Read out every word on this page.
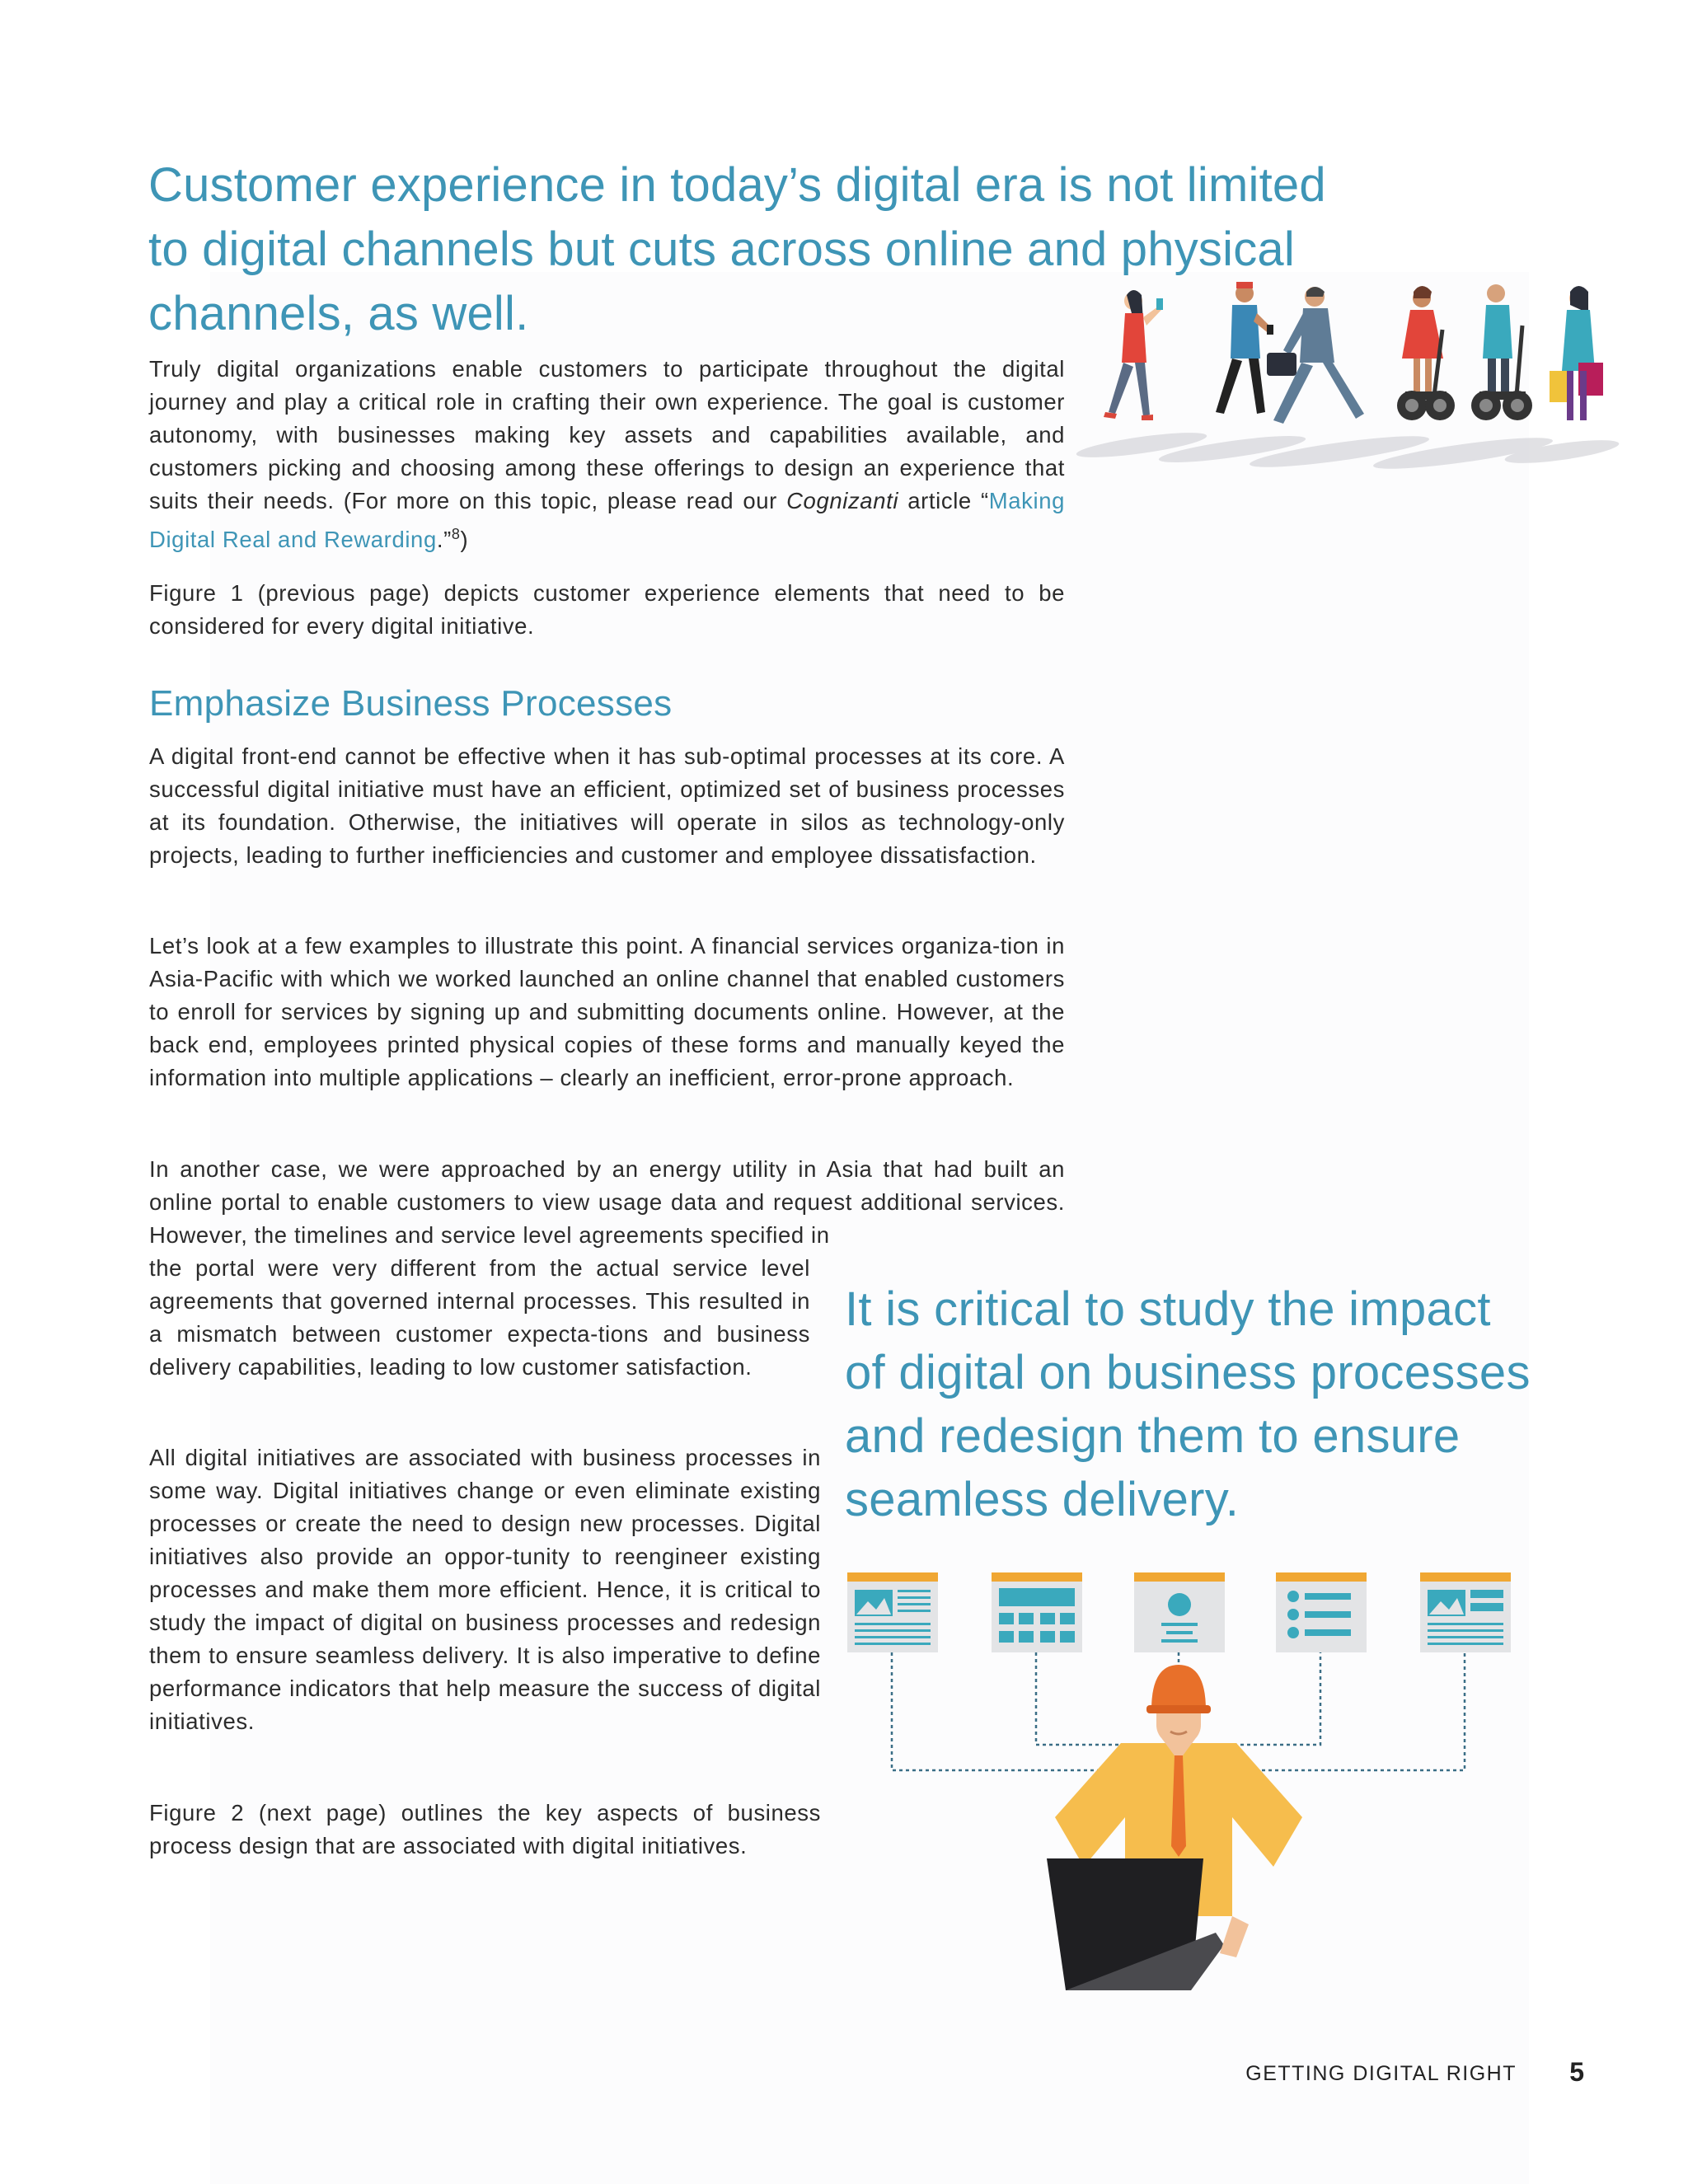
Customer experience in today’s digital era is not limited to digital channels but cuts across online and physical channels, as well.

Truly digital organizations enable customers to participate throughout the digital journey and play a critical role in crafting their own experience. The goal is customer autonomy, with businesses making key assets and capabilities available, and customers picking and choosing among these offerings to design an experience that suits their needs. (For more on this topic, please read our Cognizanti article “Making Digital Real and Rewarding.”$^8$)

Figure 1 (previous page) depicts customer experience elements that need to be considered for every digital initiative.

Emphasize Business Processes

A digital front-end cannot be effective when it has sub-optimal processes at its core. A successful digital initiative must have an efficient, optimized set of business processes at its foundation. Otherwise, the initiatives will operate in silos as technology-only projects, leading to further inefficiencies and customer and employee dissatisfaction.

Let’s look at a few examples to illustrate this point. A financial services organiza-tion in Asia-Pacific with which we worked launched an online channel that enabled customers to enroll for services by signing up and submitting documents online. However, at the back end, employees printed physical copies of these forms and manually keyed the information into multiple applications – clearly an inefficient, error-prone approach.

In another case, we were approached by an energy utility in Asia that had built an online portal to enable customers to view usage data and request additional services. However, the timelines and service level agreements specified in

the portal were very different from the actual service level agreements that governed internal processes. This resulted in a mismatch between customer expecta-tions and business delivery capabilities, leading to low customer satisfaction.

All digital initiatives are associated with business processes in some way. Digital initiatives change or even eliminate existing processes or create the need to design new processes. Digital initiatives also provide an oppor-tunity to reengineer existing processes and make them more efficient. Hence, it is critical to study the impact of digital on business processes and redesign them to ensure seamless delivery. It is also imperative to define performance indicators that help measure the success of digital initiatives.

Figure 2 (next page) outlines the key aspects of business process design that are associated with digital initiatives.

It is critical to study the impact of digital on business processes and redesign them to ensure seamless delivery.

GETTING DIGITAL RIGHT 5
